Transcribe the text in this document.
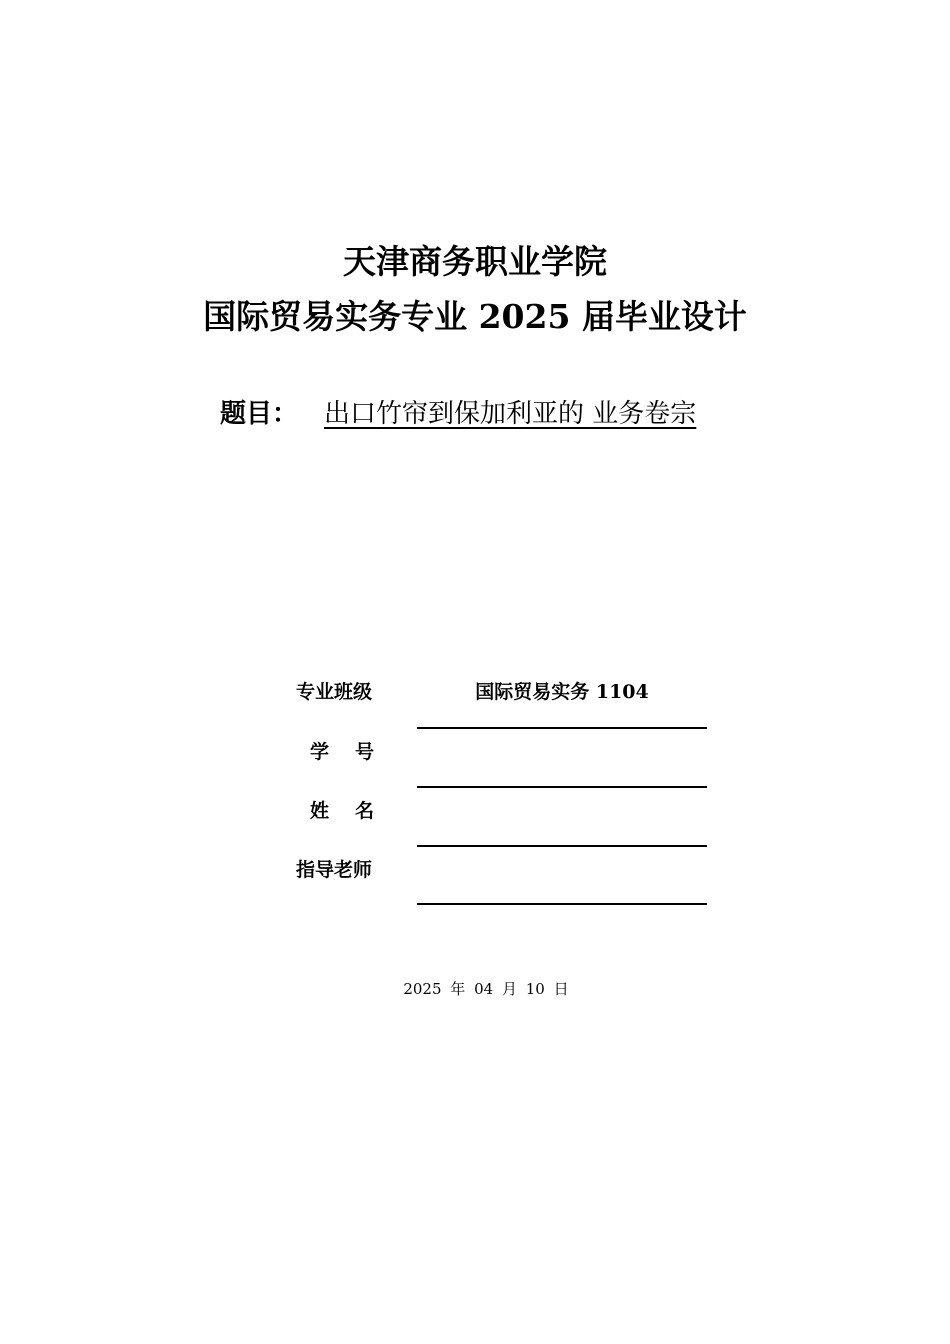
天津商务职业学院
国际贸易实务专业 2025 届毕业设计
题目： 出口竹帘到保加利亚的 业务卷宗
专业班级	国际贸易实务 1104
学 号
姓 名
指导老师
2025 年 04 月 10 日
